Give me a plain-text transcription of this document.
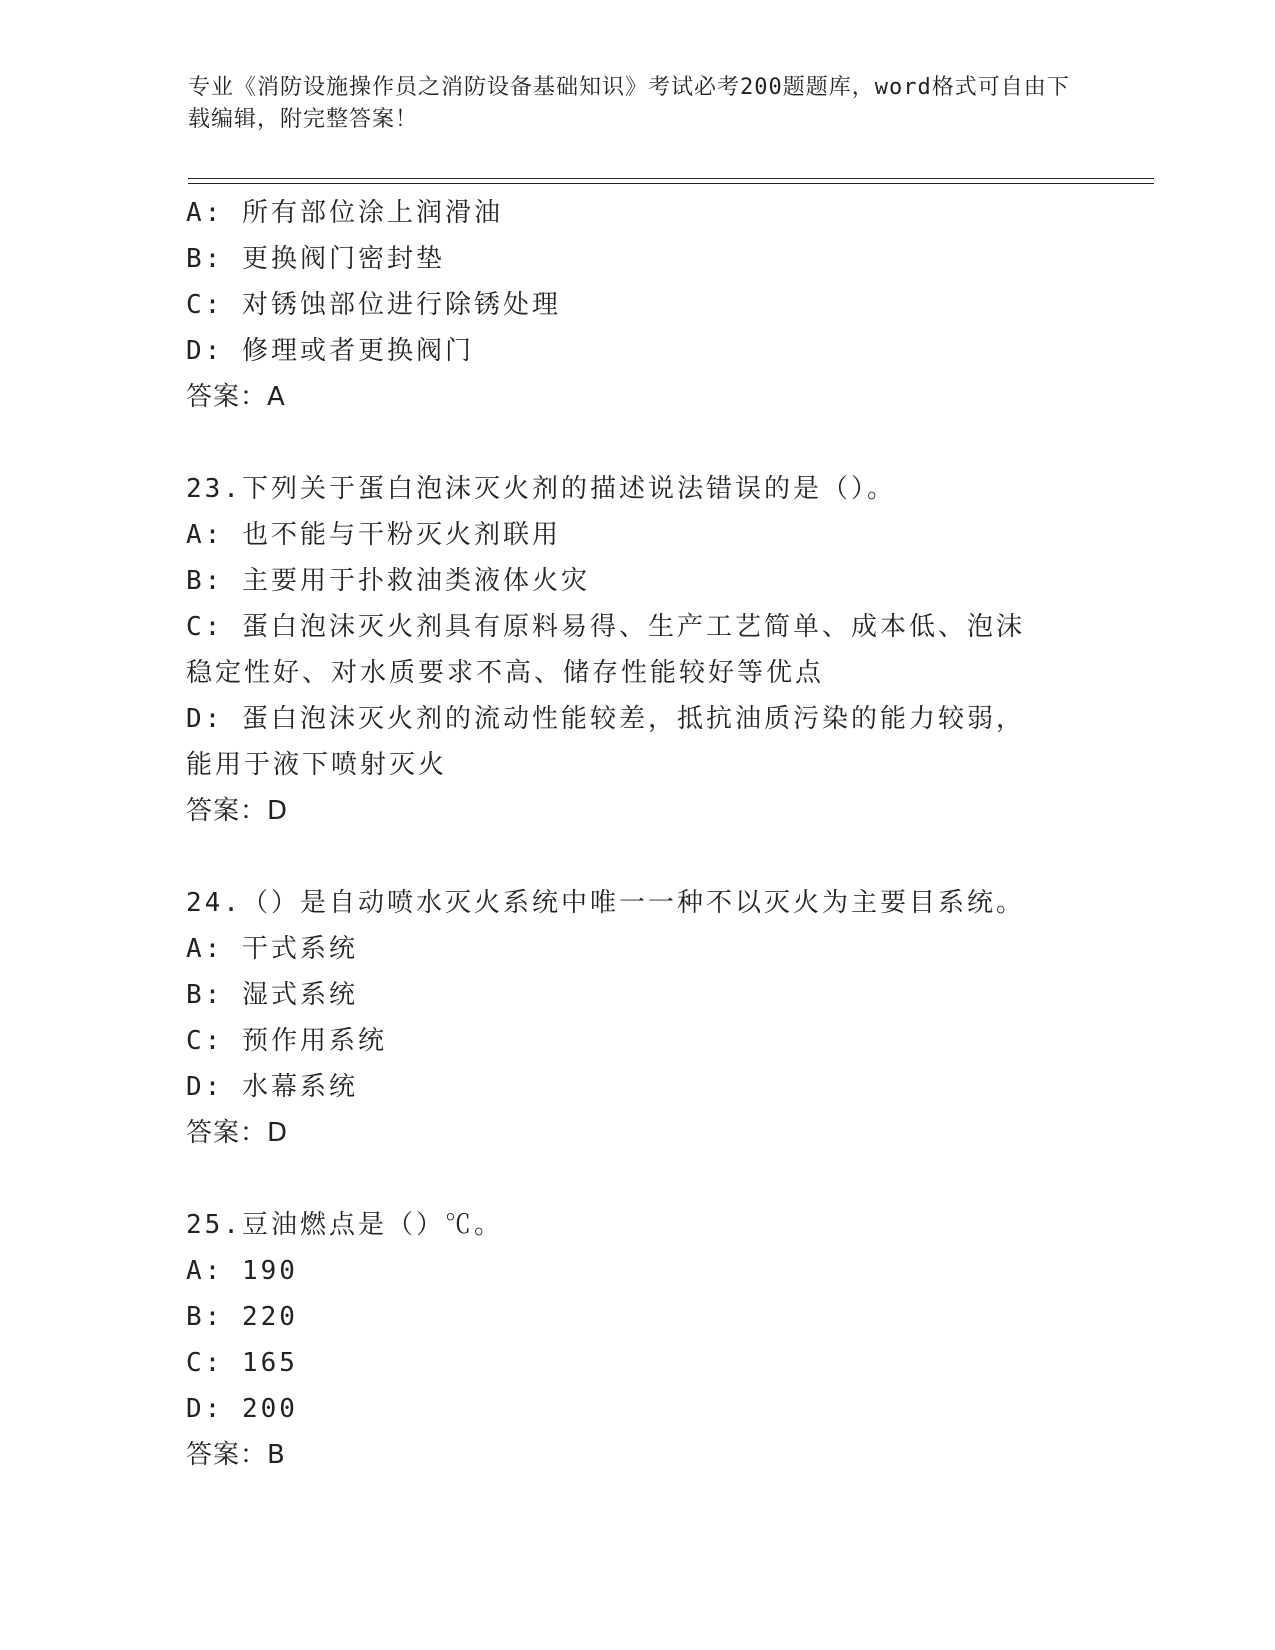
专业《消防设施操作员之消防设备基础知识》考试必考200题题库，word格式可自由下载编辑，附完整答案！
A: 所有部位涂上润滑油
B: 更换阀门密封垫
C: 对锈蚀部位进行除锈处理
D: 修理或者更换阀门
答案：A
23.下列关于蛋白泡沫灭火剂的描述说法错误的是（）。
A: 也不能与干粉灭火剂联用
B: 主要用于扑救油类液体火灾
C: 蛋白泡沫灭火剂具有原料易得、生产工艺简单、成本低、泡沫稳定性好、对水质要求不高、储存性能较好等优点
D: 蛋白泡沫灭火剂的流动性能较差，抵抗油质污染的能力较弱，能用于液下喷射灭火
答案：D
24.（）是自动喷水灭火系统中唯一一种不以灭火为主要目系统。
A: 干式系统
B: 湿式系统
C: 预作用系统
D: 水幕系统
答案：D
25.豆油燃点是（）℃。
A: 190
B: 220
C: 165
D: 200
答案：B
